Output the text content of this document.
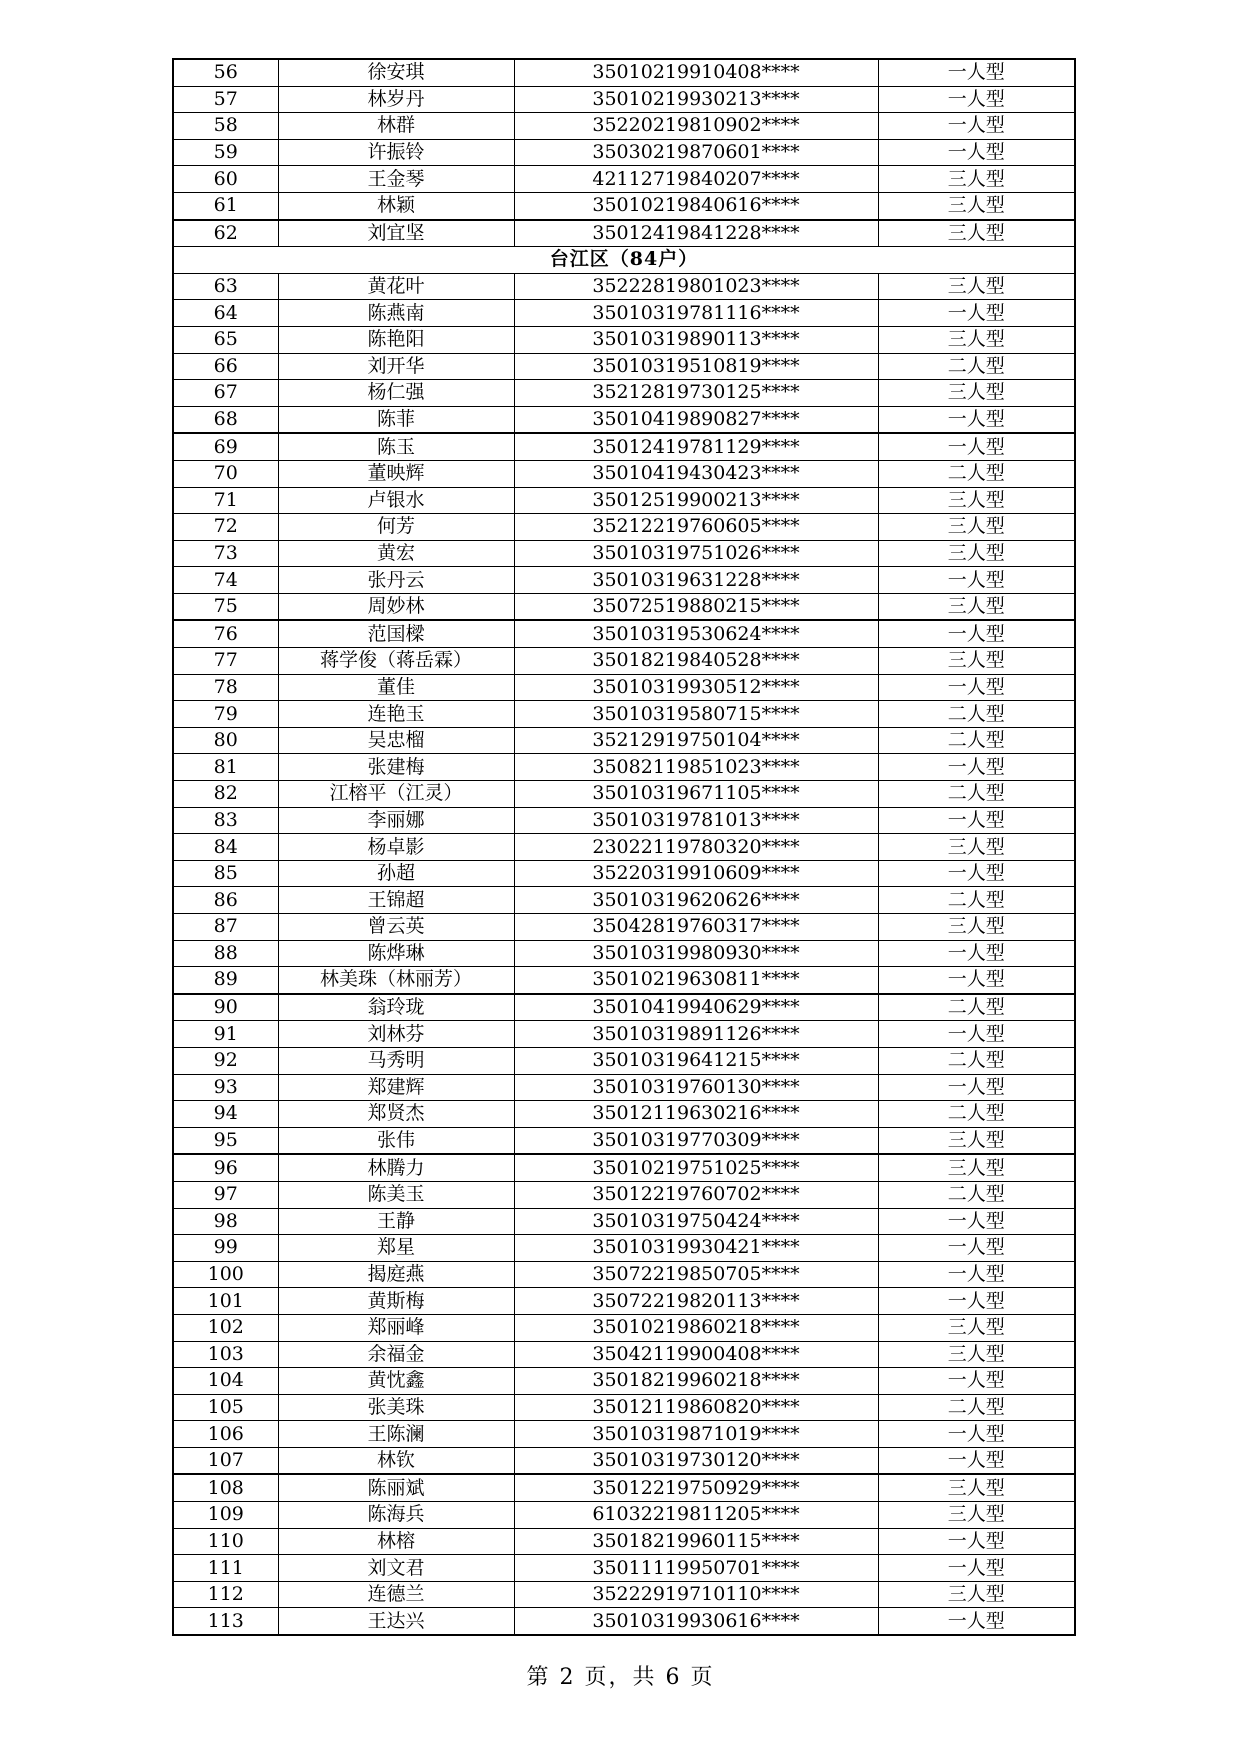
56	徐安琪	35010219910408****	一人型
57	林岁丹	35010219930213****	一人型
58	林群	35220219810902****	一人型
59	许振铃	35030219870601****	一人型
60	王金琴	42112719840207****	三人型
61	林颖	35010219840616****	三人型
62	刘宜坚	35012419841228****	三人型
台江区（84户）			
63	黄花叶	35222819801023****	三人型
64	陈燕南	35010319781116****	一人型
65	陈艳阳	35010319890113****	三人型
66	刘开华	35010319510819****	二人型
67	杨仁强	35212819730125****	三人型
68	陈菲	35010419890827****	一人型
69	陈玉	35012419781129****	一人型
70	董映辉	35010419430423****	二人型
71	卢银水	35012519900213****	三人型
72	何芳	35212219760605****	三人型
73	黄宏	35010319751026****	三人型
74	张丹云	35010319631228****	一人型
75	周妙林	35072519880215****	三人型
76	范国樑	35010319530624****	一人型
77	蒋学俊（蒋岳霖）	35018219840528****	三人型
78	董佳	35010319930512****	一人型
79	连艳玉	35010319580715****	二人型
80	吴忠榴	35212919750104****	二人型
81	张建梅	35082119851023****	一人型
82	江榕平（江灵）	35010319671105****	二人型
83	李丽娜	35010319781013****	一人型
84	杨卓影	23022119780320****	三人型
85	孙超	35220319910609****	一人型
86	王锦超	35010319620626****	二人型
87	曾云英	35042819760317****	三人型
88	陈烨琳	35010319980930****	一人型
89	林美珠（林丽芳）	35010219630811****	一人型
90	翁玲珑	35010419940629****	二人型
91	刘林芬	35010319891126****	一人型
92	马秀明	35010319641215****	二人型
93	郑建辉	35010319760130****	一人型
94	郑贤杰	35012119630216****	二人型
95	张伟	35010319770309****	三人型
96	林腾力	35010219751025****	三人型
97	陈美玉	35012219760702****	二人型
98	王静	35010319750424****	一人型
99	郑星	35010319930421****	一人型
100	揭庭燕	35072219850705****	一人型
101	黄斯梅	35072219820113****	一人型
102	郑丽峰	35010219860218****	三人型
103	余福金	35042119900408****	三人型
104	黄忱鑫	35018219960218****	一人型
105	张美珠	35012119860820****	二人型
106	王陈澜	35010319871019****	一人型
107	林钦	35010319730120****	一人型
108	陈丽斌	35012219750929****	三人型
109	陈海兵	61032219811205****	三人型
110	林榕	35018219960115****	一人型
111	刘文君	35011119950701****	一人型
112	连德兰	35222919710110****	三人型
113	王达兴	35010319930616****	一人型
第 2 页，共 6 页
